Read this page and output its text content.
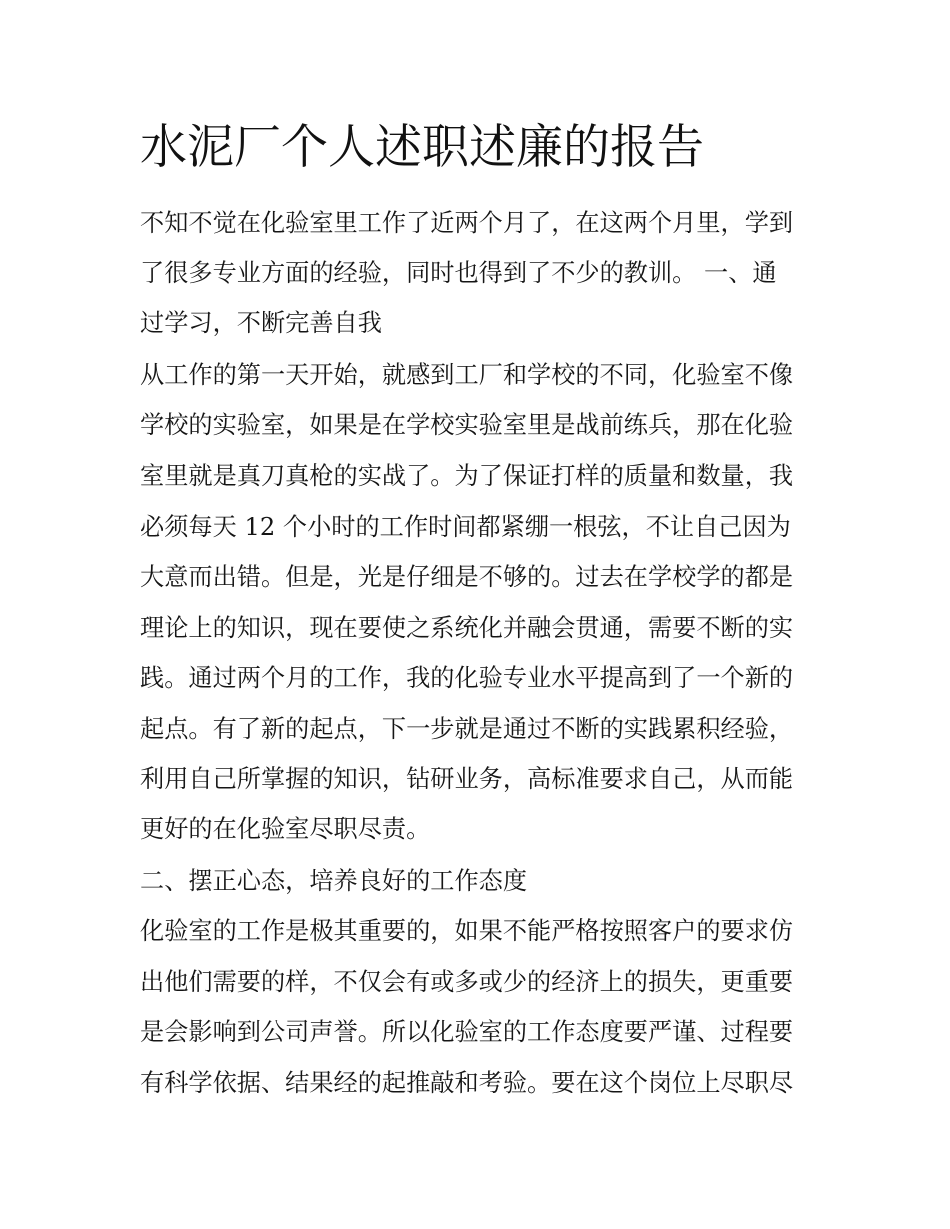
水泥厂个人述职述廉的报告

不知不觉在化验室里工作了近两个月了，在这两个月里，学到

了很多专业方面的经验，同时也得到了不少的教训。 一、通

过学习，不断完善自我

从工作的第一天开始，就感到工厂和学校的不同，化验室不像

学校的实验室，如果是在学校实验室里是战前练兵，那在化验

室里就是真刀真枪的实战了。为了保证打样的质量和数量，我

必须每天 12 个小时的工作时间都紧绷一根弦，不让自己因为

大意而出错。但是，光是仔细是不够的。过去在学校学的都是

理论上的知识，现在要使之系统化并融会贯通，需要不断的实

践。通过两个月的工作，我的化验专业水平提高到了一个新的

起点。有了新的起点，下一步就是通过不断的实践累积经验，

利用自己所掌握的知识，钻研业务，高标准要求自己，从而能

更好的在化验室尽职尽责。

二、摆正心态，培养良好的工作态度

化验室的工作是极其重要的，如果不能严格按照客户的要求仿

出他们需要的样，不仅会有或多或少的经济上的损失，更重要

是会影响到公司声誉。所以化验室的工作态度要严谨、过程要

有科学依据、结果经的起推敲和考验。要在这个岗位上尽职尽
